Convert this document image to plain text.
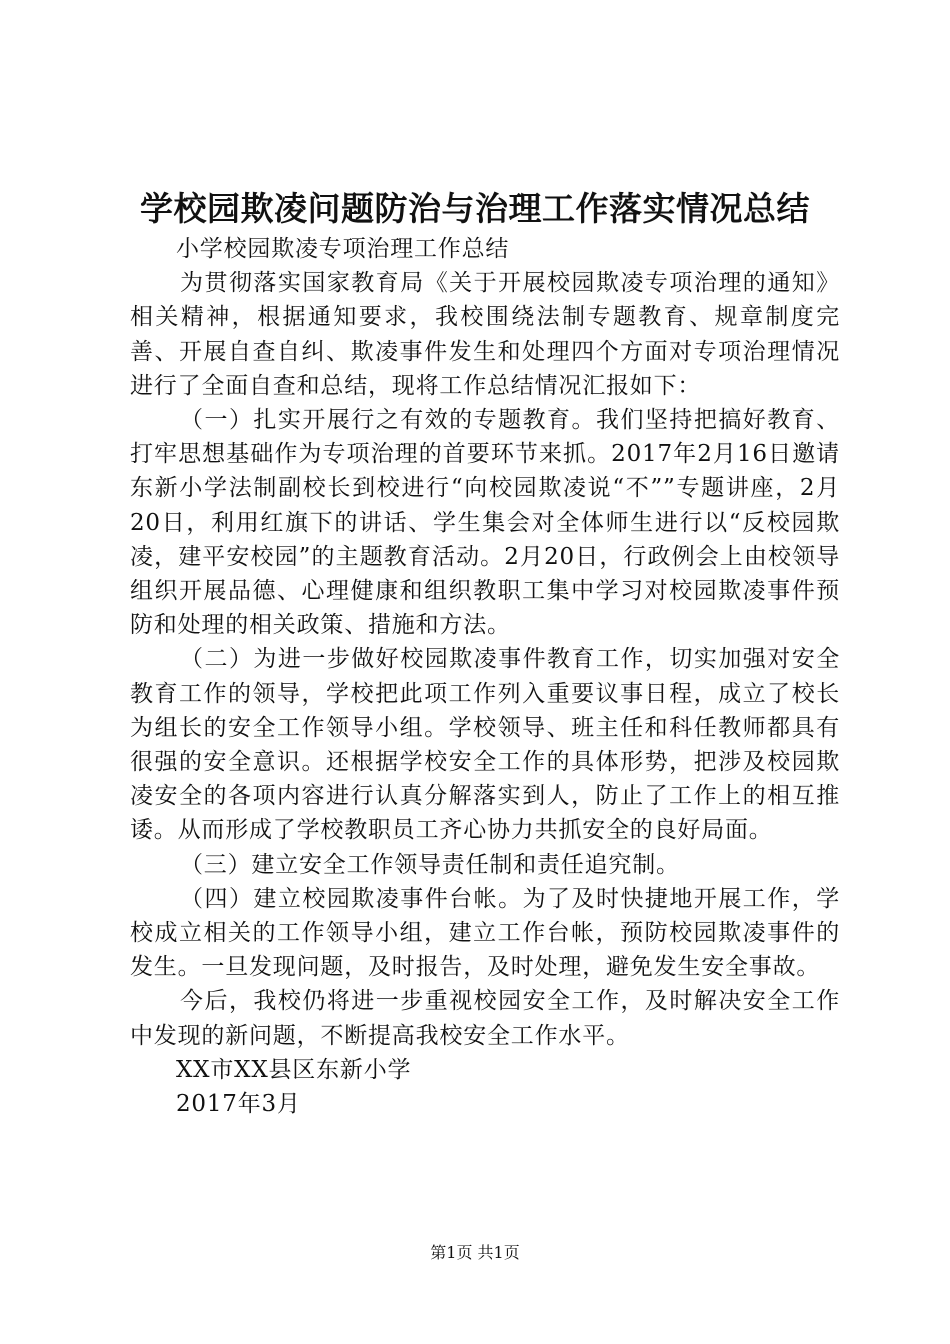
学校园欺凌问题防治与治理工作落实情况总结

小学校园欺凌专项治理工作总结

为贯彻落实国家教育局《关于开展校园欺凌专项治理的通知》相关精神，根据通知要求，我校围绕法制专题教育、规章制度完善、开展自查自纠、欺凌事件发生和处理四个方面对专项治理情况进行了全面自查和总结，现将工作总结情况汇报如下：

（一）扎实开展行之有效的专题教育。我们坚持把搞好教育、打牢思想基础作为专项治理的首要环节来抓。2017年2月16日邀请东新小学法制副校长到校进行“向校园欺凌说“不””专题讲座，2月20日，利用红旗下的讲话、学生集会对全体师生进行以“反校园欺凌，建平安校园”的主题教育活动。2月20日，行政例会上由校领导组织开展品德、心理健康和组织教职工集中学习对校园欺凌事件预防和处理的相关政策、措施和方法。

（二）为进一步做好校园欺凌事件教育工作，切实加强对安全教育工作的领导，学校把此项工作列入重要议事日程，成立了校长为组长的安全工作领导小组。学校领导、班主任和科任教师都具有很强的安全意识。还根据学校安全工作的具体形势，把涉及校园欺凌安全的各项内容进行认真分解落实到人，防止了工作上的相互推诿。从而形成了学校教职员工齐心协力共抓安全的良好局面。

（三）建立安全工作领导责任制和责任追究制。

（四）建立校园欺凌事件台帐。为了及时快捷地开展工作，学校成立相关的工作领导小组，建立工作台帐，预防校园欺凌事件的发生。一旦发现问题，及时报告，及时处理，避免发生安全事故。

今后，我校仍将进一步重视校园安全工作，及时解决安全工作中发现的新问题，不断提高我校安全工作水平。

XX市XX县区东新小学

2017年3月

第1页 共1页
